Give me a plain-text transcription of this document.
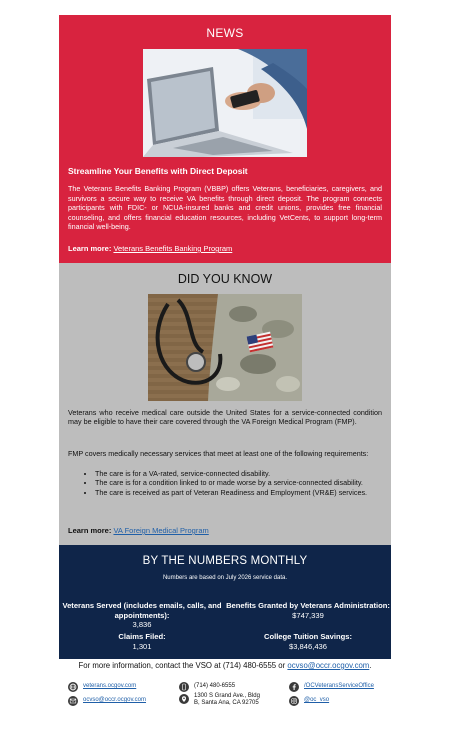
NEWS
Streamline Your Benefits with Direct Deposit
The Veterans Benefits Banking Program (VBBP) offers Veterans, beneficiaries, caregivers, and survivors a secure way to receive VA benefits through direct deposit. The program connects participants with FDIC- or NCUA-insured banks and credit unions, provides free financial counseling, and offers financial education resources, including VetCents, to support long-term financial well-being.
Learn more: Veterans Benefits Banking Program
DID YOU KNOW
Veterans who receive medical care outside the United States for a service-connected condition may be eligible to have their care covered through the VA Foreign Medical Program (FMP).
FMP covers medically necessary services that meet at least one of the following requirements:
• The care is for a VA-rated, service-connected disability.
• The care is for a condition linked to or made worse by a service-connected disability.
• The care is received as part of Veteran Readiness and Employment (VR&E) services.
Learn more: VA Foreign Medical Program
BY THE NUMBERS MONTHLY
Numbers are based on July 2026 service data.
Veterans Served (includes emails, calls, and appointments):
3,836
Benefits Granted by Veterans Administration:
$747,339
Claims Filed:
1,301
College Tuition Savings:
$3,846,436
For more information, contact the VSO at (714) 480-6555 or ocvso@occr.ocgov.com.
veterans.ocgov.com
ocvso@occr.ocgov.com
(714) 480-6555
1300 S Grand Ave., Bldg B, Santa Ana, CA 92705
/OCVeteransServiceOffice
@oc_vso
